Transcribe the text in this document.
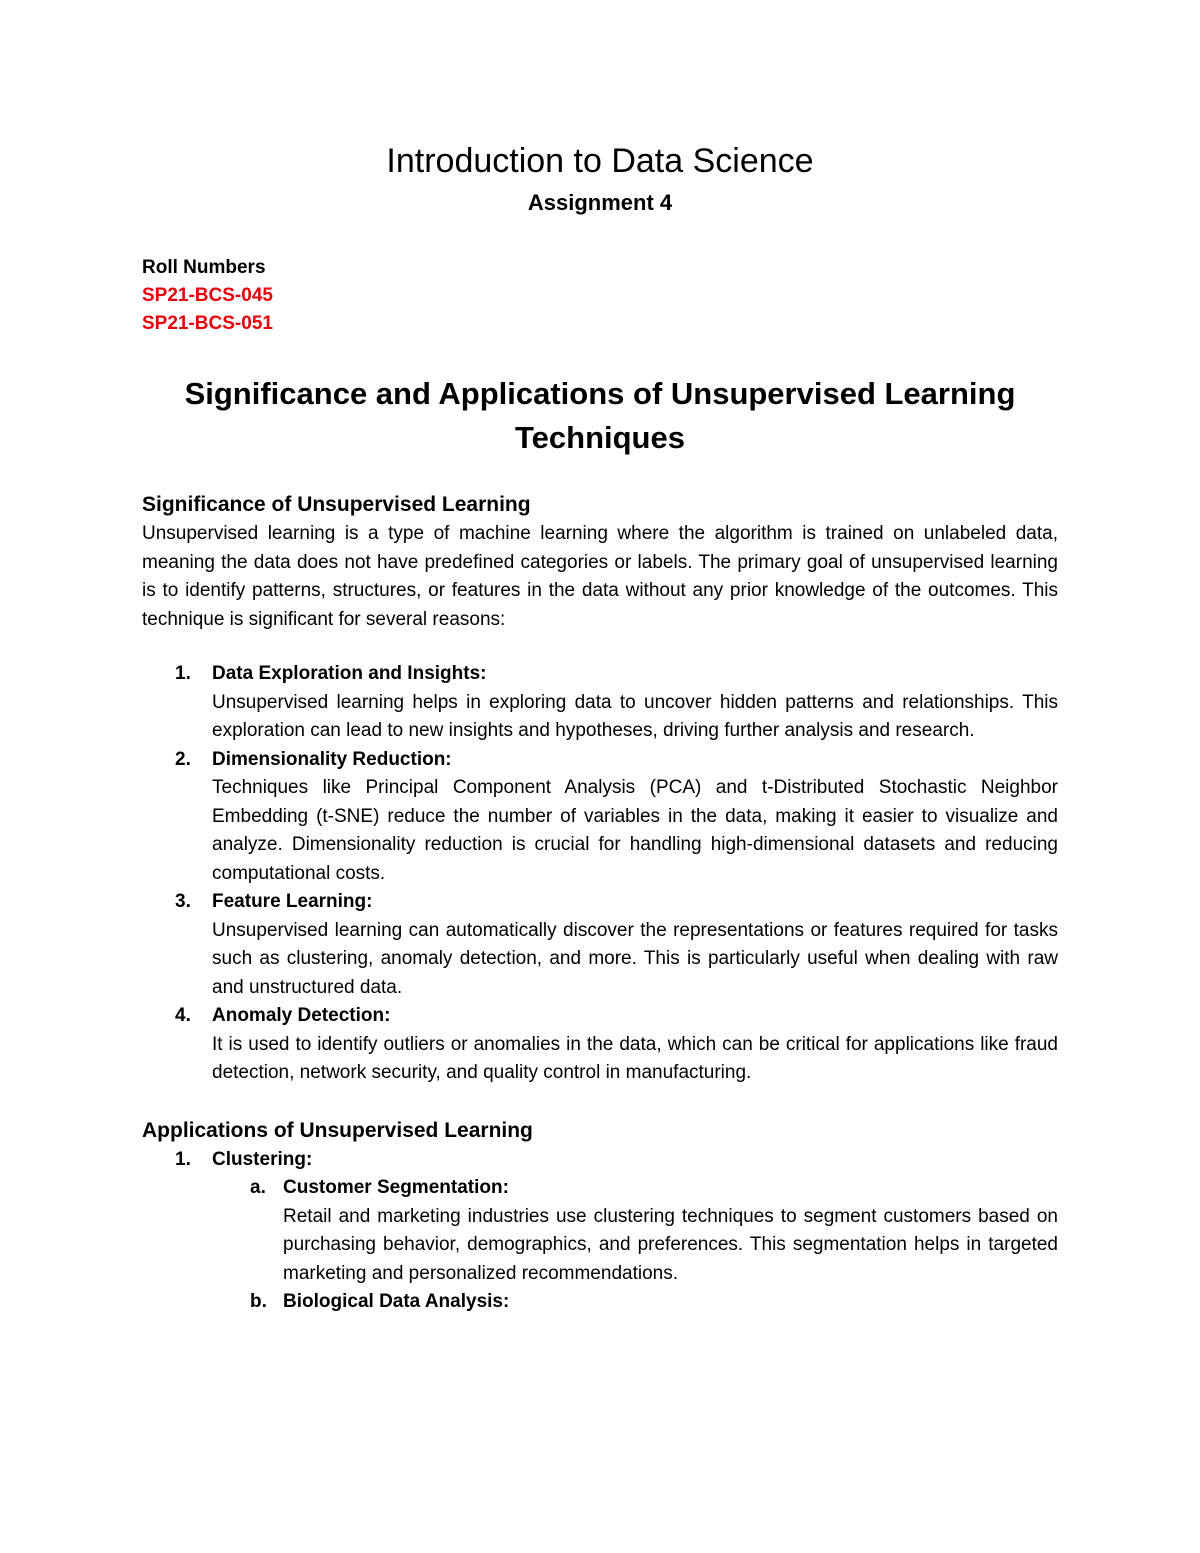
Introduction to Data Science
Assignment 4
Roll Numbers
SP21-BCS-045
SP21-BCS-051
Significance and Applications of Unsupervised Learning Techniques
Significance of Unsupervised Learning

Unsupervised learning is a type of machine learning where the algorithm is trained on unlabeled data, meaning the data does not have predefined categories or labels. The primary goal of unsupervised learning is to identify patterns, structures, or features in the data without any prior knowledge of the outcomes. This technique is significant for several reasons:

1. Data Exploration and Insights:
Unsupervised learning helps in exploring data to uncover hidden patterns and relationships. This exploration can lead to new insights and hypotheses, driving further analysis and research.
2. Dimensionality Reduction:
Techniques like Principal Component Analysis (PCA) and t-Distributed Stochastic Neighbor Embedding (t-SNE) reduce the number of variables in the data, making it easier to visualize and analyze. Dimensionality reduction is crucial for handling high-dimensional datasets and reducing computational costs.
3. Feature Learning:
Unsupervised learning can automatically discover the representations or features required for tasks such as clustering, anomaly detection, and more. This is particularly useful when dealing with raw and unstructured data.
4. Anomaly Detection:
It is used to identify outliers or anomalies in the data, which can be critical for applications like fraud detection, network security, and quality control in manufacturing.
Applications of Unsupervised Learning
1. Clustering:
a. Customer Segmentation:
Retail and marketing industries use clustering techniques to segment customers based on purchasing behavior, demographics, and preferences. This segmentation helps in targeted marketing and personalized recommendations.
b. Biological Data Analysis:
